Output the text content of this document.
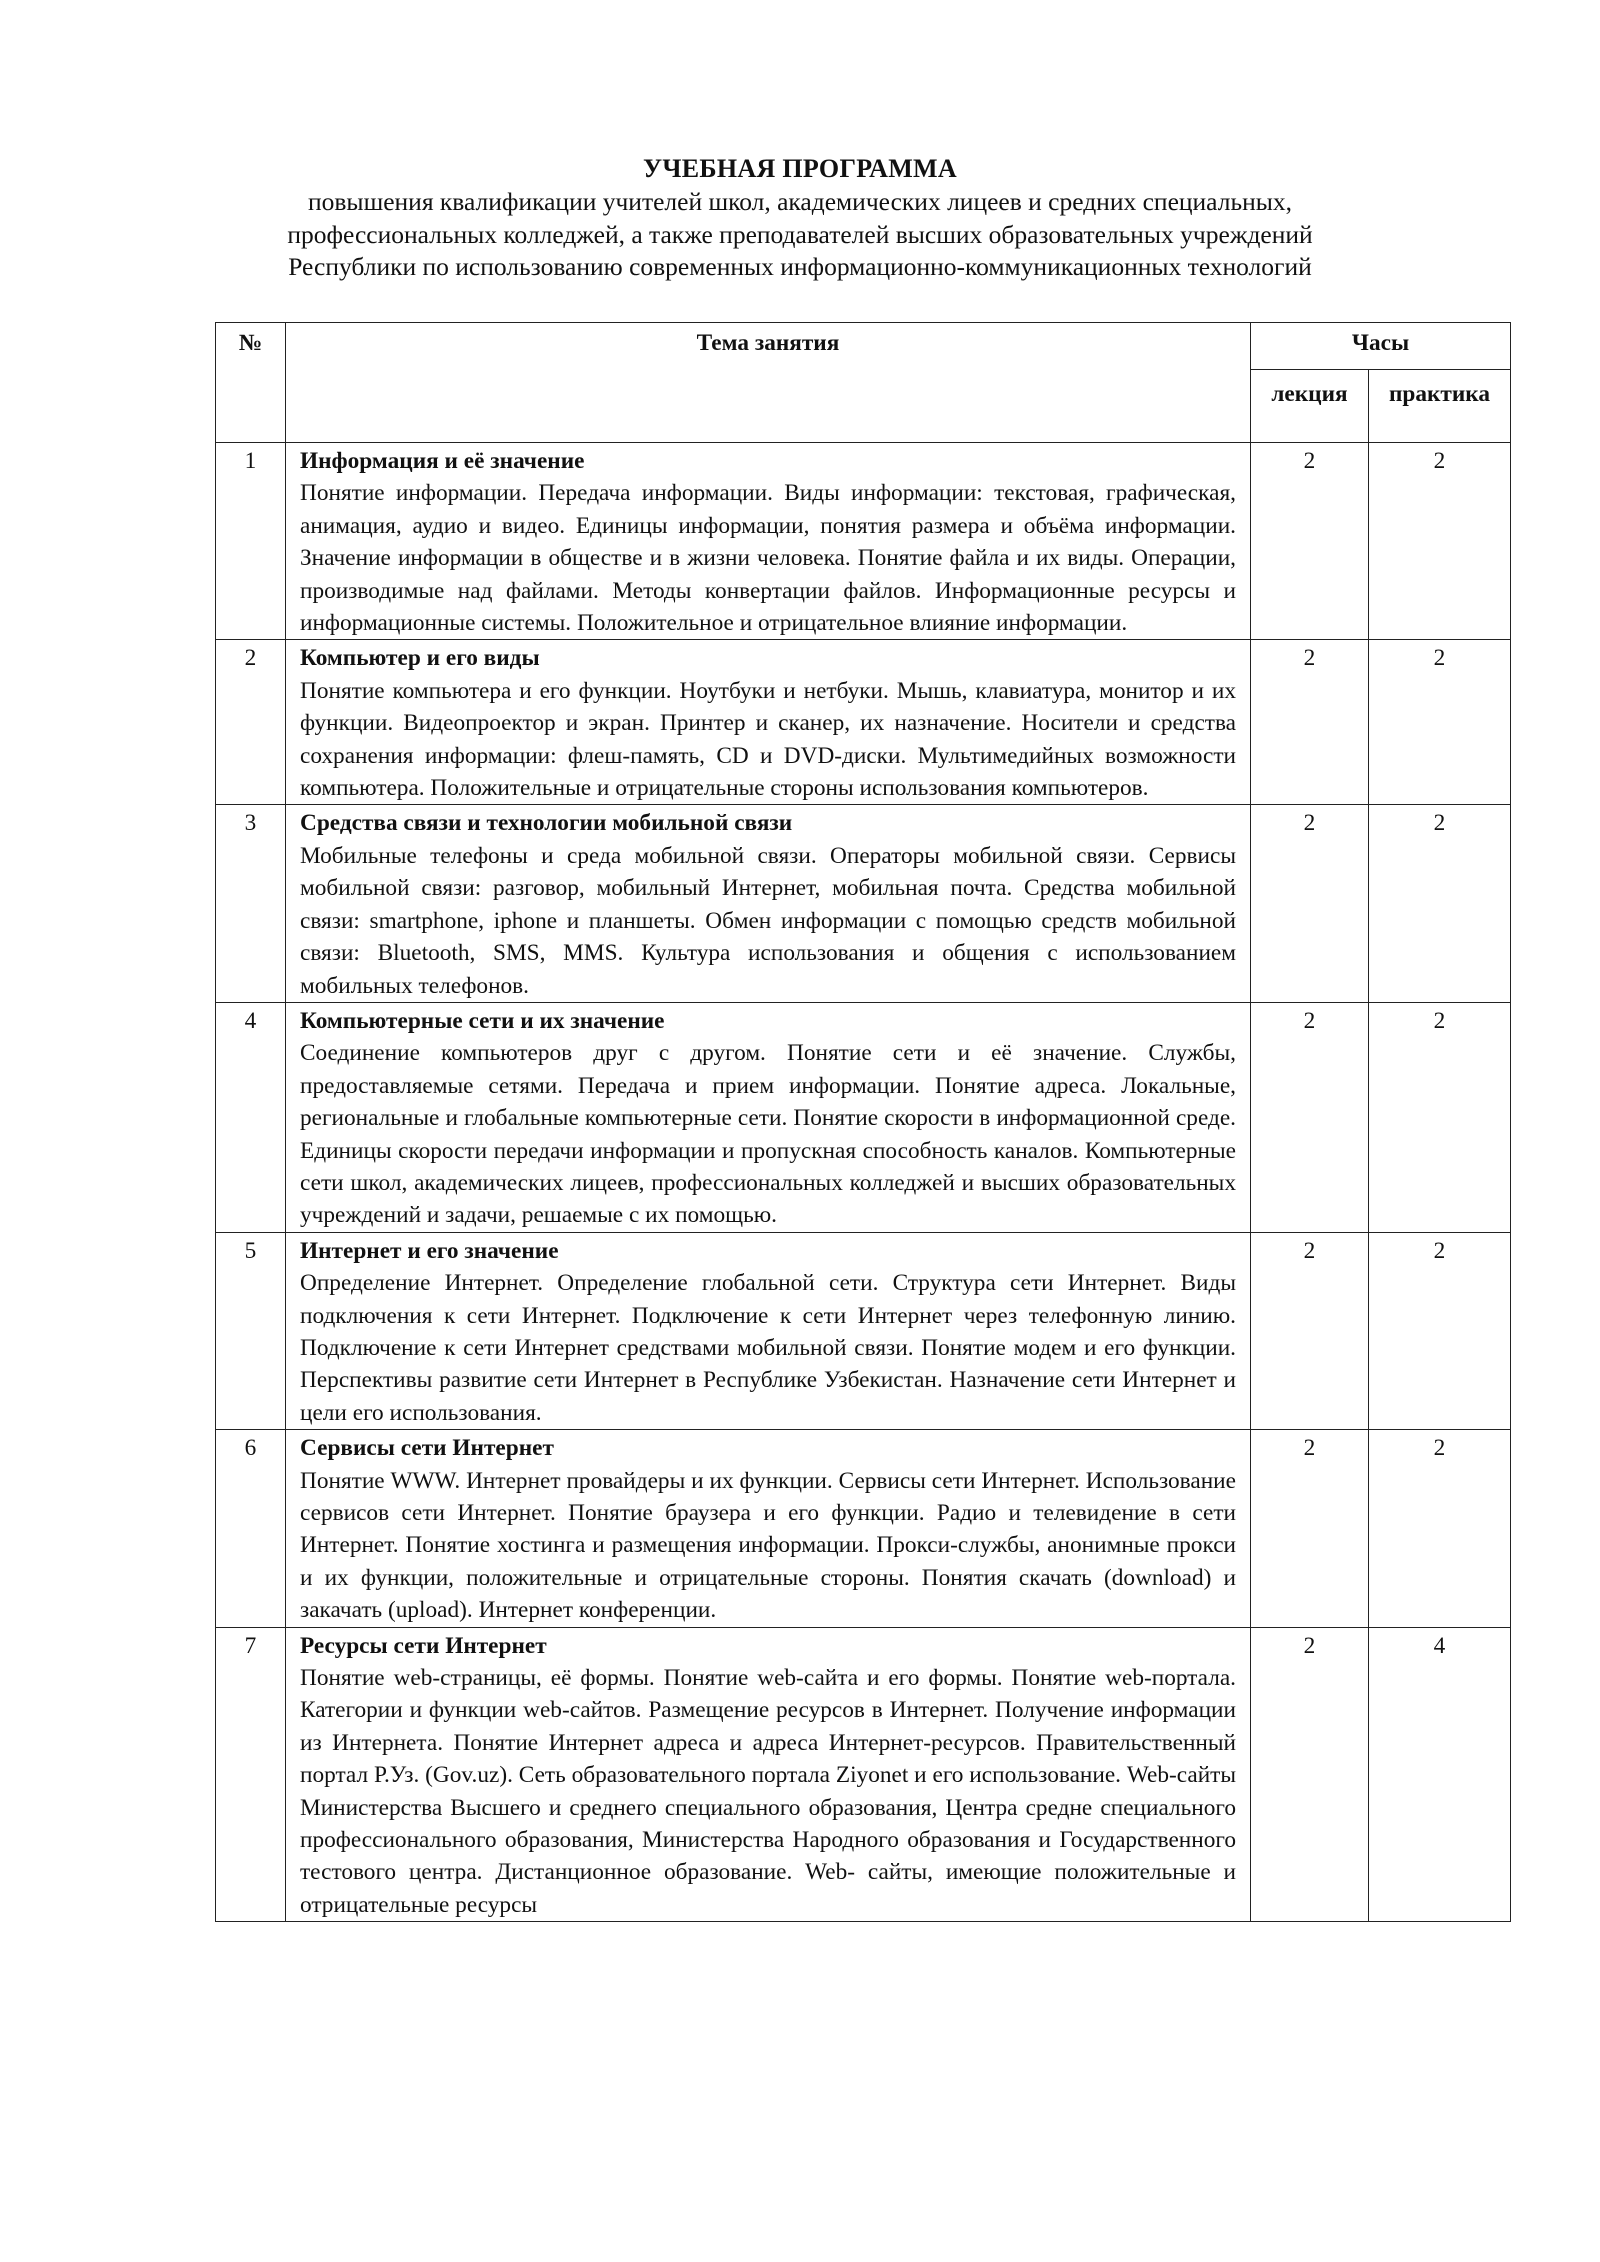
УЧЕБНАЯ ПРОГРАММА
повышения квалификации учителей школ, академических лицеев и средних специальных,
профессиональных колледжей, а также преподавателей высших образовательных учреждений
Республики по использованию современных информационно-коммуникационных технологий
№	Тема занятия	Часы	
		лекция	практика
1	Информация и её значение
Понятие информации. Передача информации. Виды информации: текстовая, графическая, анимация, аудио и видео. Единицы информации, понятия размера и объёма информации. Значение информации в обществе и в жизни человека. Понятие файла и их виды. Операции, производимые над файлами. Методы конвертации файлов. Информационные ресурсы и информационные системы. Положительное и отрицательное влияние информации.	2	2
2	Компьютер и его виды
Понятие компьютера и его функции. Ноутбуки и нетбуки. Мышь, клавиатура, монитор и их функции. Видеопроектор и экран. Принтер и сканер, их назначение. Носители и средства сохранения информации: флеш-память, CD и DVD-диски. Мультимедийных возможности компьютера. Положительные и отрицательные стороны использования компьютеров.	2	2
3	Средства связи и технологии мобильной связи
Мобильные телефоны и среда мобильной связи. Операторы мобильной связи. Сервисы мобильной связи: разговор, мобильный Интернет, мобильная почта. Средства мобильной связи: smartphone, iphone и планшеты. Обмен информации с помощью средств мобильной связи: Bluetooth, SMS, MMS. Культура использования и общения с использованием мобильных телефонов.	2	2
4	Компьютерные сети и их значение
Соединение компьютеров друг с другом. Понятие сети и её значение. Службы, предоставляемые сетями. Передача и прием информации. Понятие адреса. Локальные, региональные и глобальные компьютерные сети. Понятие скорости в информационной среде. Единицы скорости передачи информации и пропускная способность каналов. Компьютерные сети школ, академических лицеев, профессиональных колледжей и высших образовательных учреждений и задачи, решаемые с их помощью.	2	2
5	Интернет и его значение
Определение Интернет. Определение глобальной сети. Структура сети Интернет. Виды подключения к сети Интернет. Подключение к сети Интернет через телефонную линию. Подключение к сети Интернет средствами мобильной связи. Понятие модем и его функции. Перспективы развитие сети Интернет в Республике Узбекистан. Назначение сети Интернет и цели его использования.	2	2
6	Сервисы сети Интернет
Понятие WWW. Интернет провайдеры и их функции. Сервисы сети Интернет. Использование сервисов сети Интернет. Понятие браузера и его функции. Радио и телевидение в сети Интернет. Понятие хостинга и размещения информации. Прокси-службы, анонимные прокси и их функции, положительные и отрицательные стороны. Понятия скачать (download) и закачать (upload). Интернет конференции.	2	2
7	Ресурсы сети Интернет
Понятие web-страницы, её формы. Понятие web-сайта и его формы. Понятие web-портала. Категории и функции web-сайтов. Размещение ресурсов в Интернет. Получение информации из Интернета. Понятие Интернет адреса и адреса Интернет-ресурсов. Правительственный портал Р.Уз. (Gov.uz). Сеть образовательного портала Ziyonet и его использование. Web-сайты Министерства Высшего и среднего специального образования, Центра средне специального профессионального образования, Министерства Народного образования и Государственного тестового центра. Дистанционное образование. Web- сайты, имеющие положительные и отрицательные ресурсы	2	4
